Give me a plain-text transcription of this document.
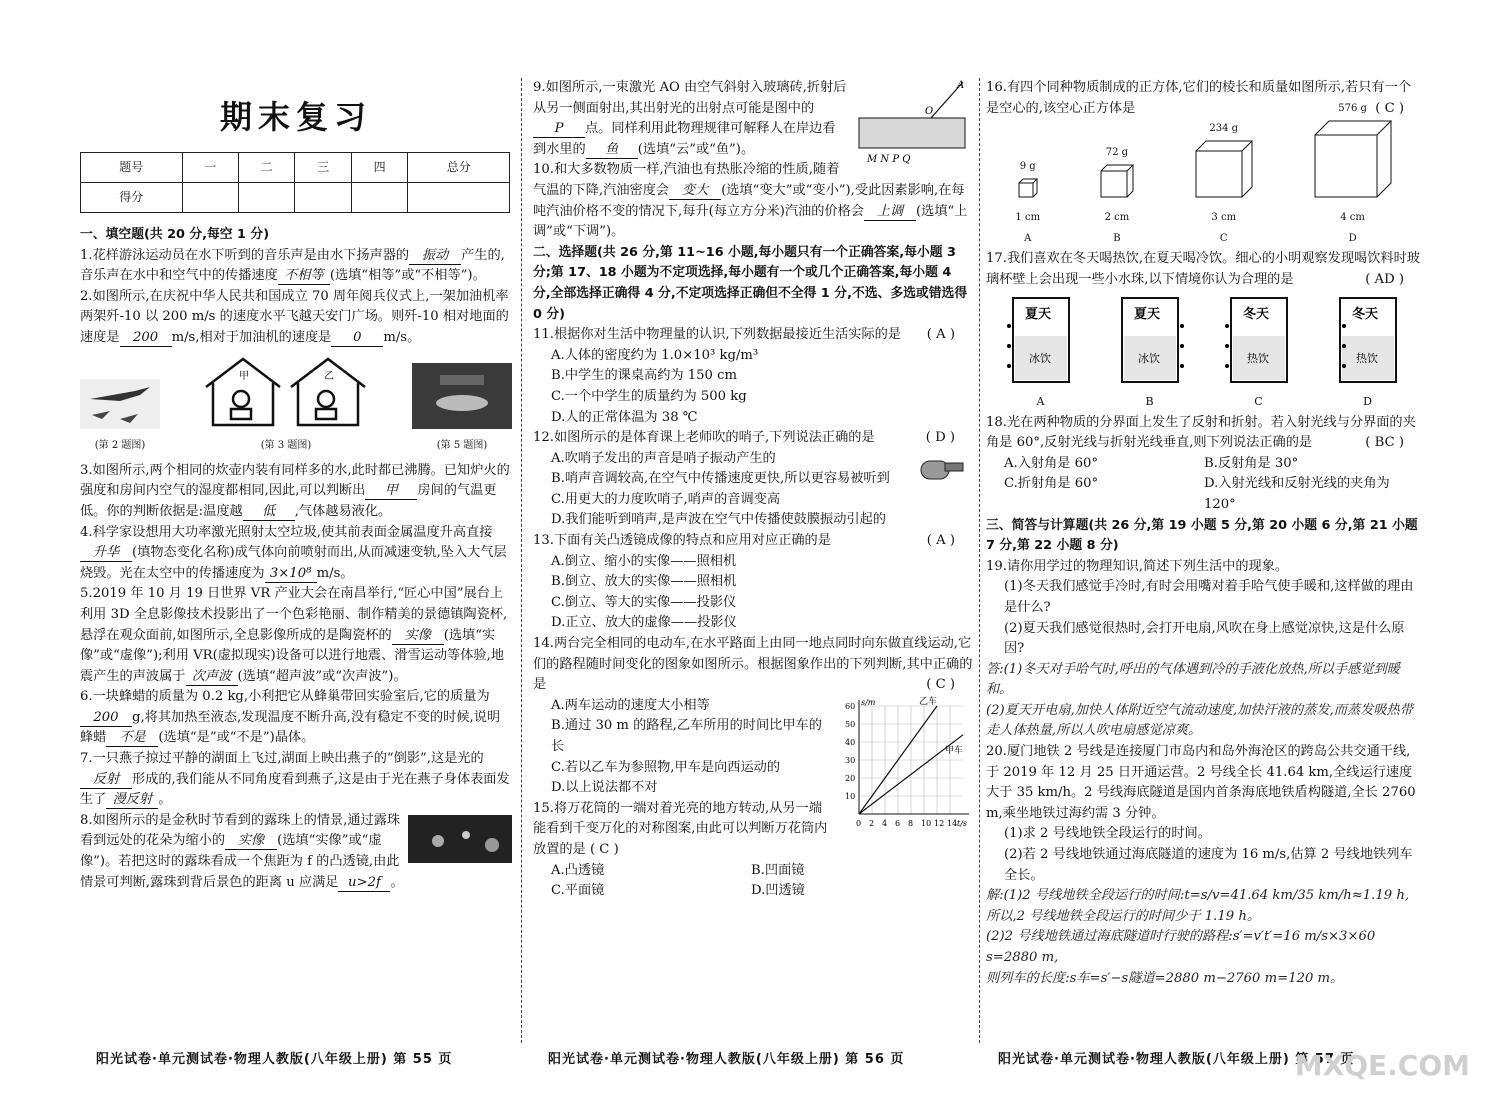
期末复习
题号	一	二	三	四	总分
得分					
一、填空题(共 20 分,每空 1 分)

1.花样游泳运动员在水下听到的音乐声是由水下扬声器的 振动 产生的,音乐声在水中和空气中的传播速度 不相等 (选填“相等”或“不相等”)。

2.如图所示,在庆祝中华人民共和国成立 70 周年阅兵仪式上,一架加油机率两架歼-10 以 200 m/s 的速度水平飞越天安门广场。则歼-10 相对地面的速度是 200 m/s,相对于加油机的速度是 0 m/s。

(第 2 题图)
甲	乙
(第 3 题图)	(第 5 题图)

3.如图所示,两个相同的炊壶内装有同样多的水,此时都已沸腾。已知炉火的强度和房间内空气的湿度都相同,因此,可以判断出 甲 房间的气温更低。你的判断依据是:温度越 低 ,气体越易液化。

4.科学家设想用大功率激光照射太空垃圾,使其前表面金属温度升高直接升华 (填物态变化名称)成气体向前喷射而出,从而减速变轨,坠入大气层烧毁。光在太空中的传播速度为 3×10⁸ m/s。

5.2019 年 10 月 19 日世界 VR 产业大会在南昌举行,“匠心中国”展台上利用 3D 全息影像技术投影出了一个色彩艳丽、制作精美的景德镇陶瓷杯,悬浮在观众面前,如图所示,全息影像所成的是陶瓷杯的 实像 (选填“实像”或“虚像”);利用 VR(虚拟现实)设备可以进行地震、滑雪运动等体验,地震产生的声波属于 次声波 (选填“超声波”或“次声波”)。

6.一块蜂蜡的质量为 0.2 kg,小利把它从蜂巢带回实验室后,它的质量为200 g,将其加热至液态,发现温度不断升高,没有稳定不变的时候,说明蜂蜡 不是 (选填“是”或“不是”)晶体。

7.一只燕子掠过平静的湖面上飞过,湖面上映出燕子的“倒影”,这是光的反射 形成的,我们能从不同角度看到燕子,这是由于光在燕子身体表面发生了 漫反射 。

8.如图所示的是金秋时节看到的露珠上的情景,通过露珠看到远处的花朵为缩小的 实像 (选填“实像”或“虚像”)。若把这时的露珠看成一个焦距为 f 的凸透镜,由此情景可判断,露珠到背后景色的距离 u 应满足 u>2f 。

A
O
M N P Q

9.如图所示,一束激光 AO 由空气斜射入玻璃砖,折射后从另一侧面射出,其出射光的出射点可能是图中的P 点。同样利用此物理规律可解释人在岸边看到水里的 鱼 (选填“云”或“鱼”)。

10.和大多数物质一样,汽油也有热胀冷缩的性质,随着气温的下降,汽油密度会 变大 (选填“变大”或“变小”),受此因素影响,在每吨汽油价格不变的情况下,每升(每立方分米)汽油的价格会 上调 (选填“上调”或“下调”)。

二、选择题(共 26 分,第 11~16 小题,每小题只有一个正确答案,每小题 3 分;第 17、18 小题为不定项选择,每小题有一个或几个正确答案,每小题 4 分,全部选择正确得 4 分,不定项选择正确但不全得 1 分,不选、多选或错选得 0 分)

11.根据你对生活中物理量的认识,下列数据最接近生活实际的是 ( A )

A.人体的密度约为 1.0×10³ kg/m³
B.中学生的课桌高约为 150 cm
C.一个中学生的质量约为 500 kg
D.人的正常体温为 38 ℃

12.如图所示的是体育课上老师吹的哨子,下列说法正确的是	( D )

A.吹哨子发出的声音是哨子振动产生的
B.哨声音调较高,在空气中传播速度更快,所以更容易被听到
C.用更大的力度吹哨子,哨声的音调变高
D.我们能听到哨声,是声波在空气中传播使鼓膜振动引起的

13.下面有关凸透镜成像的特点和应用对应正确的是	( A )

A.倒立、缩小的实像——照相机
B.倒立、放大的实像——照相机
C.倒立、等大的实像——投影仪
D.正立、放大的虚像——投影仪

14.两台完全相同的电动车,在水平路面上由同一地点同时向东做直线运动,它们的路程随时间变化的图象如图所示。根据图象作出的下列判断,其中正确的是	( C )

0 2 4 6 8 10 12 14
10
20
30
40
50
60 s/m
t/s
乙车
甲车
A.两车运动的速度大小相等
B.通过 30 m 的路程,乙车所用的时间比甲车的长
C.若以乙车为参照物,甲车是向西运动的
D.以上说法都不对

15.将万花筒的一端对着光亮的地方转动,从另一端能看到千变万化的对称图案,由此可以判断万花筒内放置的是 ( C )

A.凸透镜	B.凹面镜
C.平面镜	D.凹透镜

16.有四个同种物质制成的正方体,它们的棱长和质量如图所示,若只有一个是空心的,该空心正方体是	( C )

9 g
1 cm
A
72 g
2 cm
B
234 g
3 cm
C
576 g
4 cm
D

17.我们喜欢在冬天喝热饮,在夏天喝冷饮。细心的小明观察发现喝饮料时玻璃杯壁上会出现一些小水珠,以下情境你认为合理的是	( AD )

夏天
冰饮
A
夏天
冰饮
B
冬天
热饮
C
冬天
热饮
D

18.光在两种物质的分界面上发生了反射和折射。若入射光线与分界面的夹角是 60°,反射光线与折射光线垂直,则下列说法正确的是	( BC )

A.入射角是 60°	B.反射角是 30°
C.折射角是 60°	D.入射光线和反射光线的夹角为 120°
三、简答与计算题(共 26 分,第 19 小题 5 分,第 20 小题 6 分,第 21 小题 7 分,第 22 小题 8 分)

19.请你用学过的物理知识,简述下列生活中的现象。

(1)冬天我们感觉手冷时,有时会用嘴对着手哈气使手暖和,这样做的理由是什么?
(2)夏天我们感觉很热时,会打开电扇,风吹在身上感觉凉快,这是什么原因?
答:(1)冬天对手哈气时,呼出的气体遇到冷的手液化放热,所以手感觉到暖和。
(2)夏天开电扇,加快人体附近空气流动速度,加快汗液的蒸发,而蒸发吸热带走人体热量,所以人吹电扇感觉凉爽。

20.厦门地铁 2 号线是连接厦门市岛内和岛外海沧区的跨岛公共交通干线,于 2019 年 12 月 25 日开通运营。2 号线全长 41.64 km,全线运行速度大于 35 km/h。2 号线海底隧道是国内首条海底地铁盾构隧道,全长 2760 m,乘坐地铁过海约需 3 分钟。

(1)求 2 号线地铁全段运行的时间。
(2)若 2 号线地铁通过海底隧道的速度为 16 m/s,估算 2 号线地铁列车全长。
解:(1)2 号线地铁全段运行的时间:t=s/v=41.64 km/35 km/h≈1.19 h,
所以,2 号线地铁全段运行的时间少于 1.19 h。
(2)2 号线地铁通过海底隧道时行驶的路程:s′=v′t′=16 m/s×3×60 s=2880 m,
则列车的长度:s车=s′−s隧道=2880 m−2760 m=120 m。
阳光试卷·单元测试卷·物理人教版(八年级上册) 第 55 页	阳光试卷·单元测试卷·物理人教版(八年级上册) 第 56 页	阳光试卷·单元测试卷·物理人教版(八年级上册) 第 57 页
MXQE.COM
